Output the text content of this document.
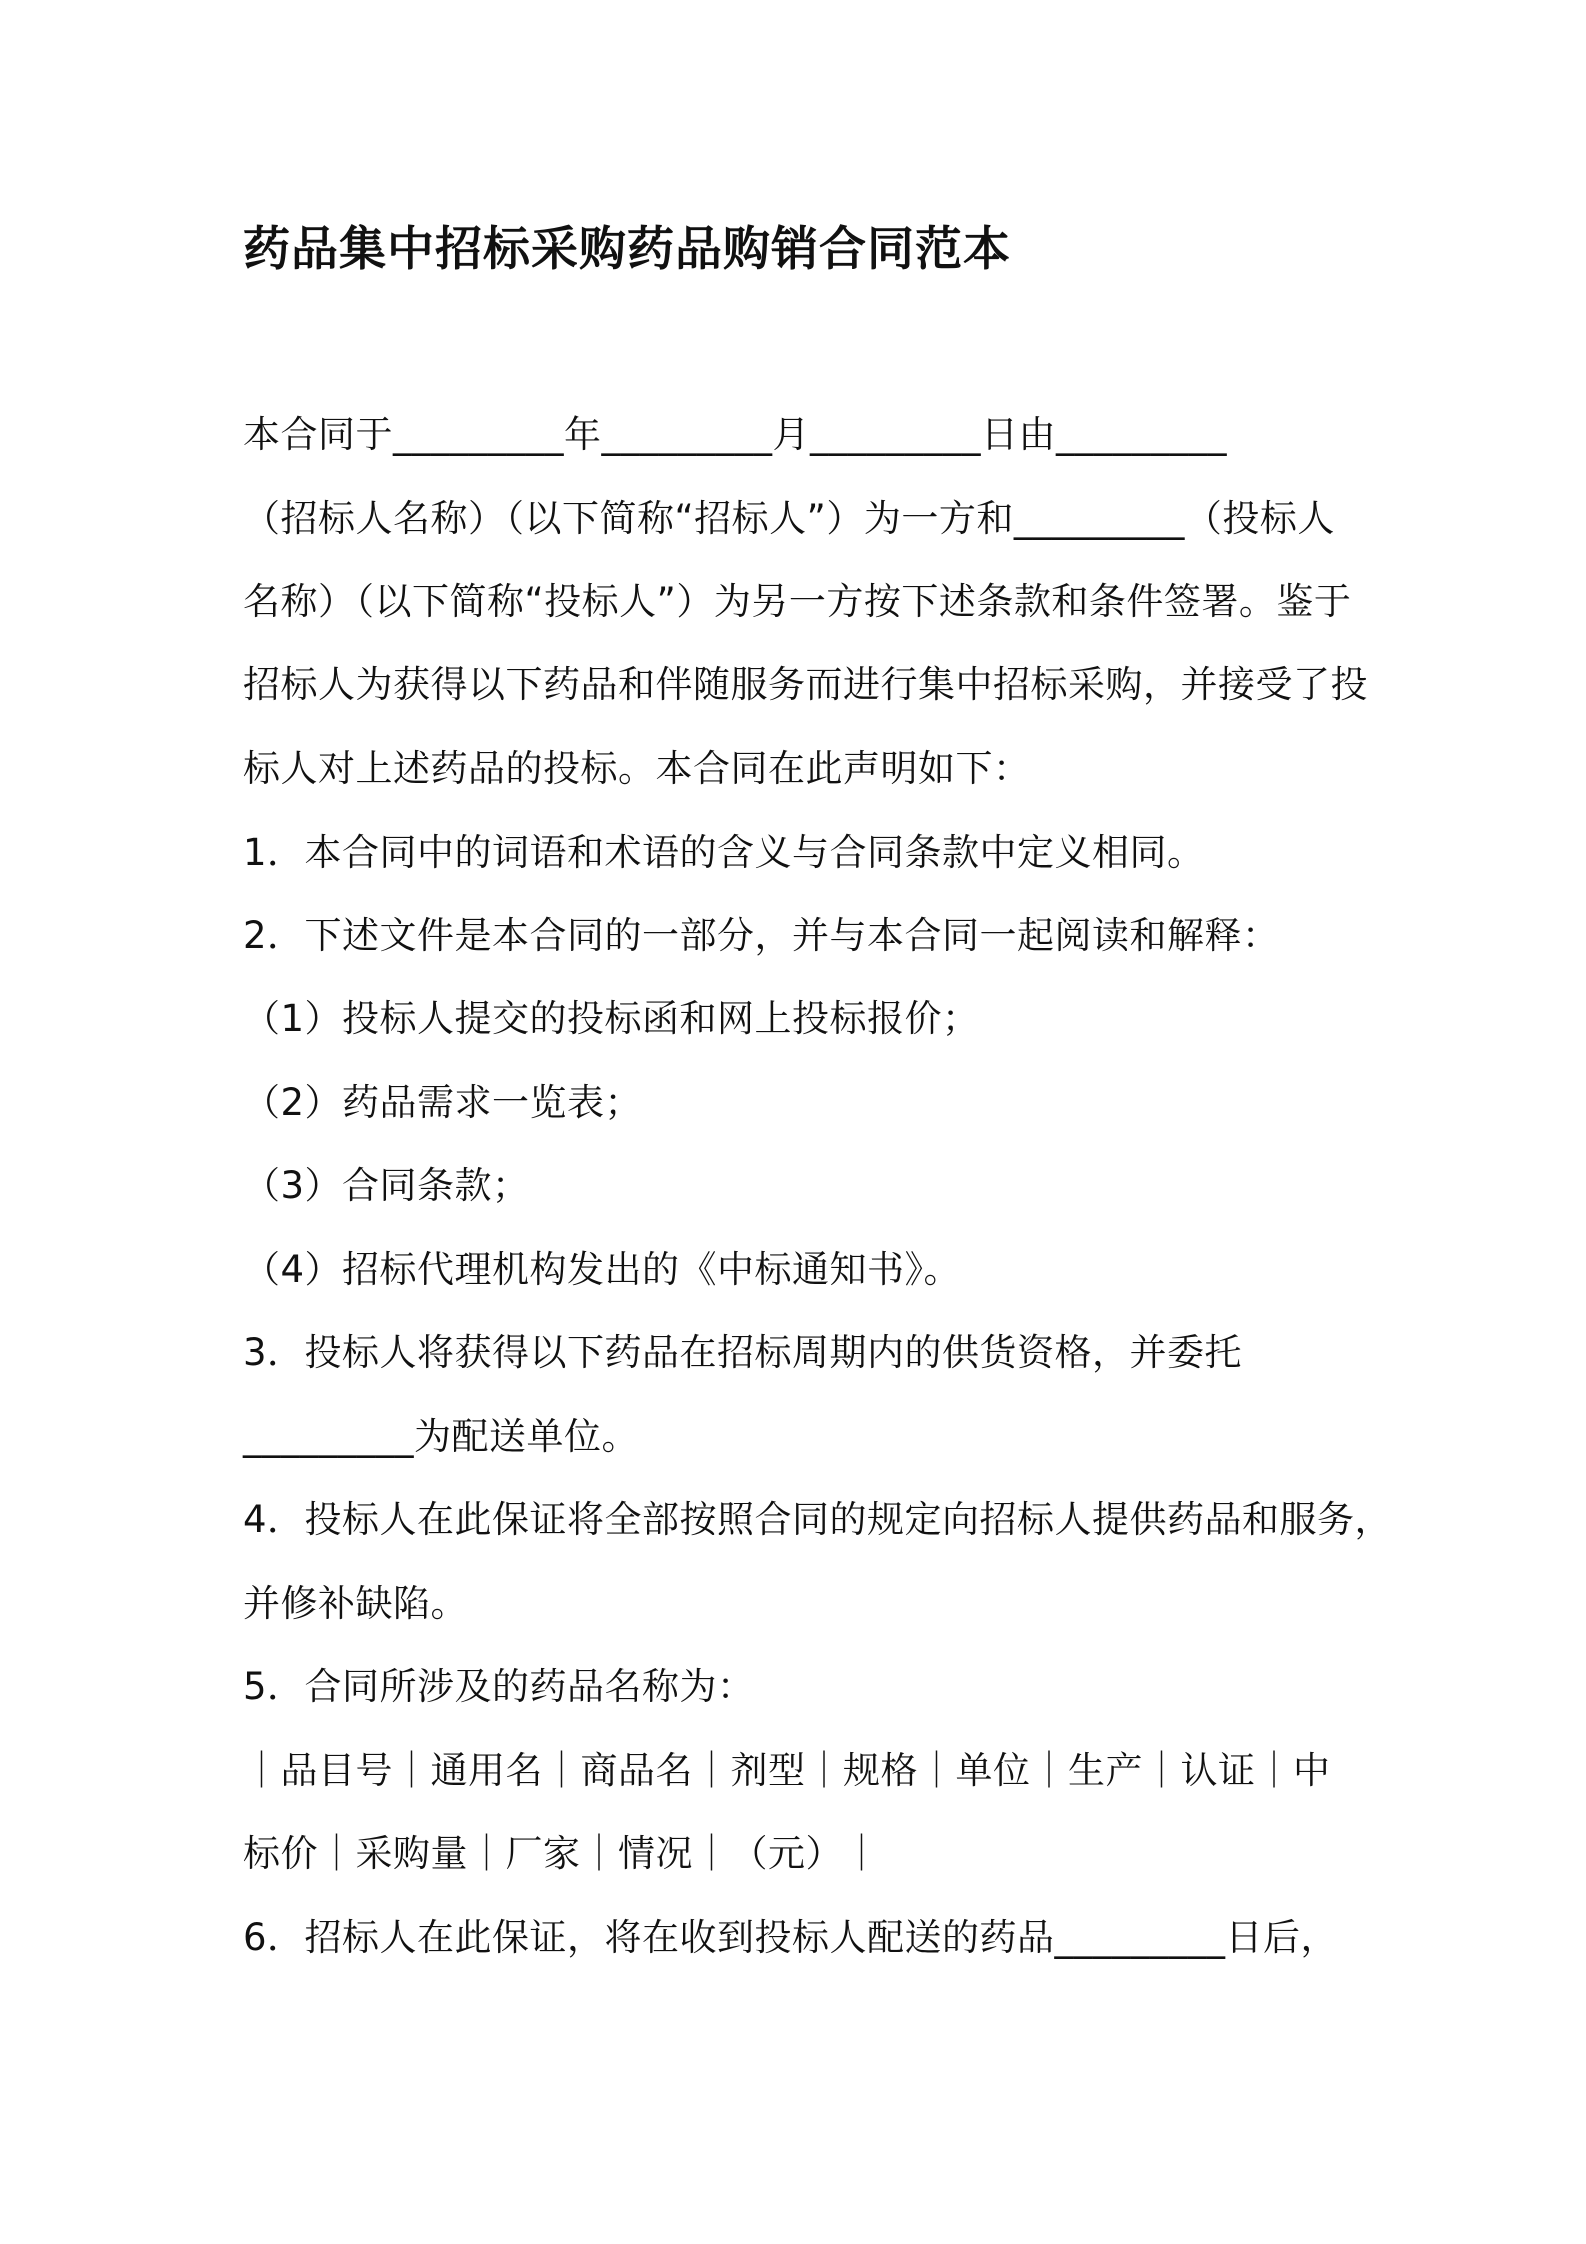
药品集中招标采购药品购销合同范本
本合同于_________年_________月_________日由_________
（招标人名称）（以下简称“招标人”）为一方和_________（投标人
名称）（以下简称“投标人”）为另一方按下述条款和条件签署。鉴于
招标人为获得以下药品和伴随服务而进行集中招标采购，并接受了投
标人对上述药品的投标。本合同在此声明如下：
1．本合同中的词语和术语的含义与合同条款中定义相同。
2．下述文件是本合同的一部分，并与本合同一起阅读和解释：
（1）投标人提交的投标函和网上投标报价；
（2）药品需求一览表；
（3）合同条款；
（4）招标代理机构发出的《中标通知书》。
3．投标人将获得以下药品在招标周期内的供货资格，并委托
_________为配送单位。
4．投标人在此保证将全部按照合同的规定向招标人提供药品和服务，
并修补缺陷。
5．合同所涉及的药品名称为：
｜品目号｜通用名｜商品名｜剂型｜规格｜单位｜生产｜认证｜中
标价｜采购量｜厂家｜情况｜（元）｜
6．招标人在此保证，将在收到投标人配送的药品_________日后，
